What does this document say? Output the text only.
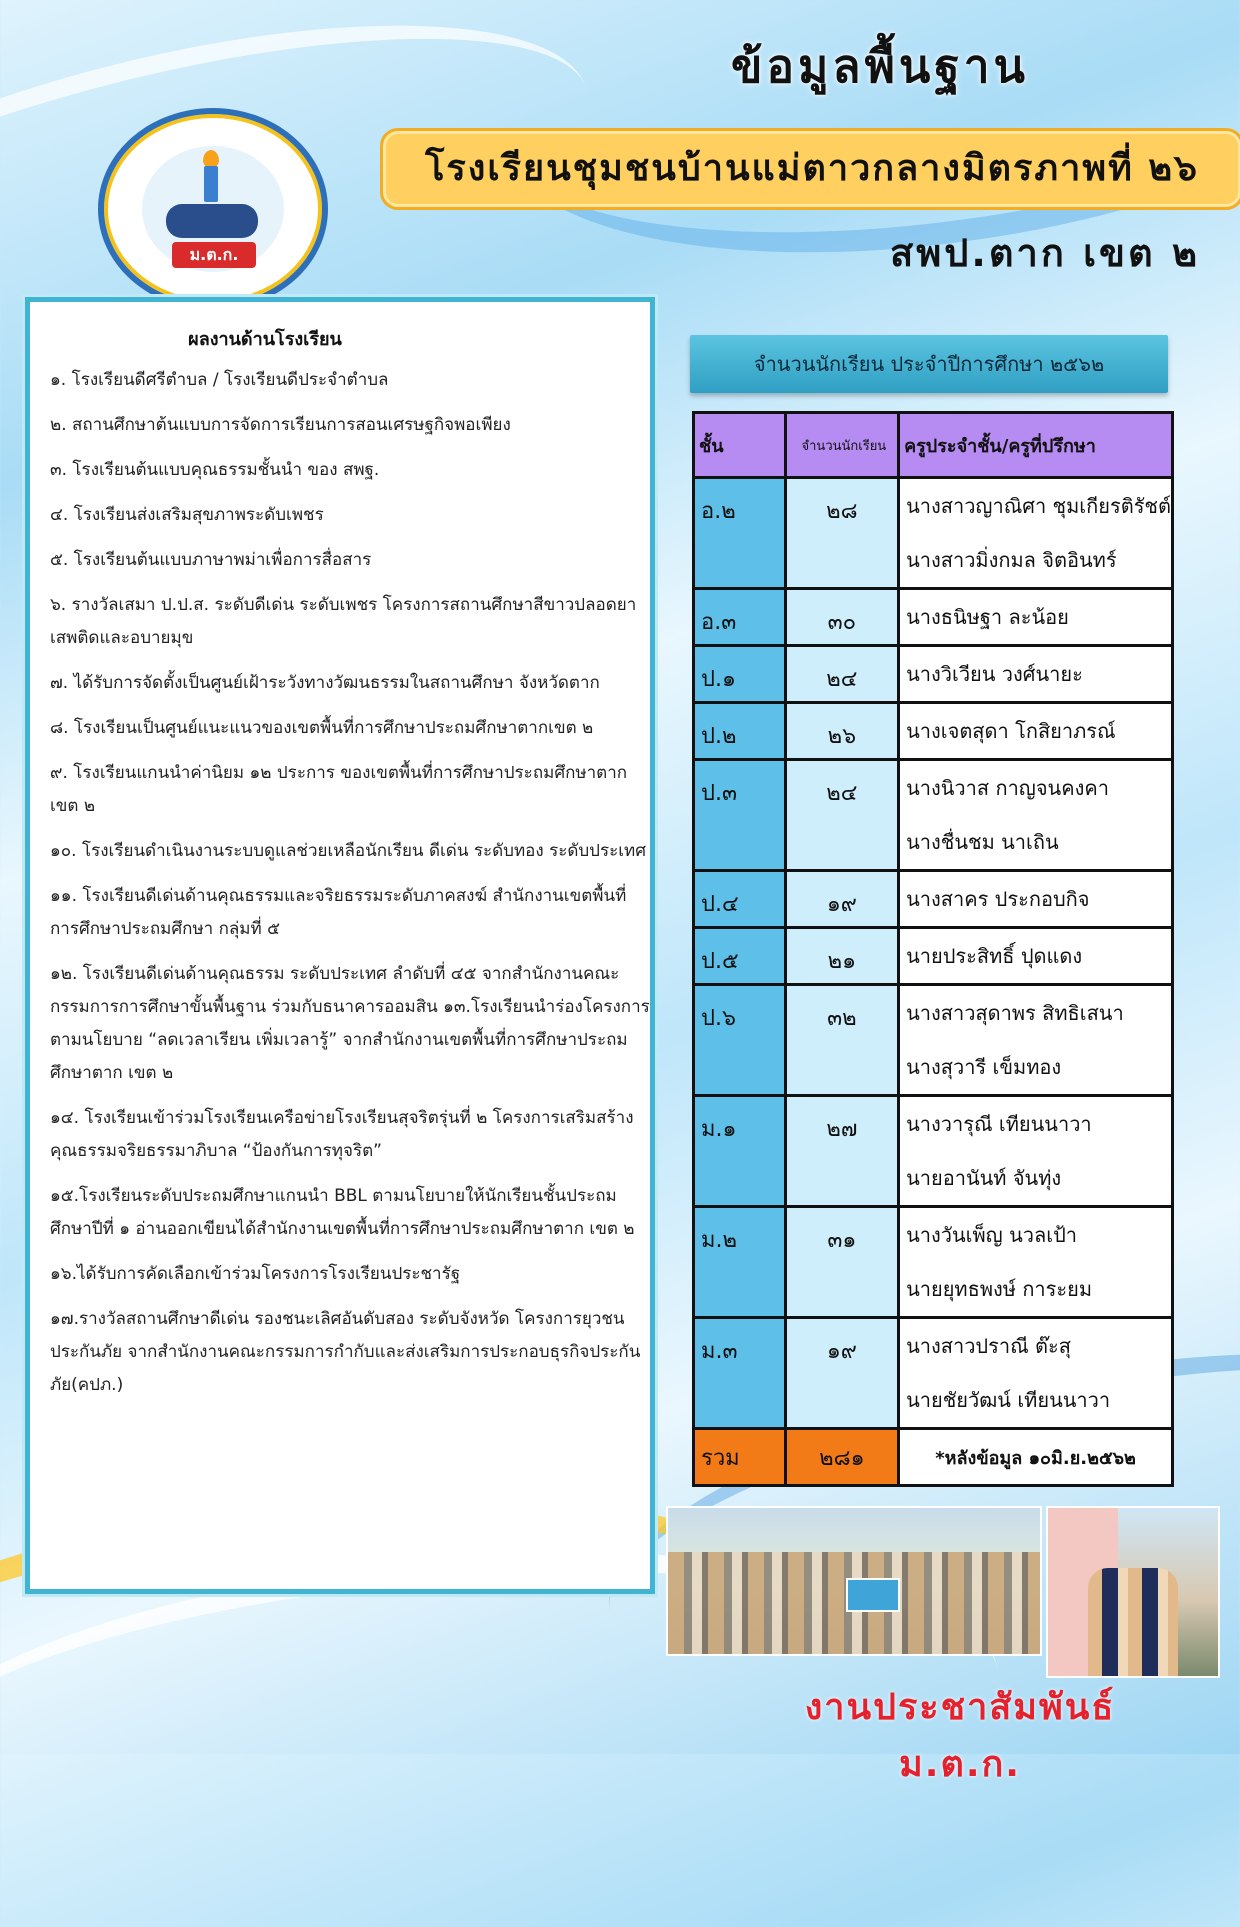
ม.ต.ก.
ข้อมูลพื้นฐาน
โรงเรียนชุมชนบ้านแม่ตาวกลางมิตรภาพที่ ๒๖
สพป.ตาก เขต ๒
ผลงานด้านโรงเรียน
๑. โรงเรียนดีศรีตำบล / โรงเรียนดีประจำตำบล
๒. สถานศึกษาต้นแบบการจัดการเรียนการสอนเศรษฐกิจพอเพียง
๓. โรงเรียนต้นแบบคุณธรรมชั้นนำ ของ สพฐ.
๔. โรงเรียนส่งเสริมสุขภาพระดับเพชร
๕. โรงเรียนต้นแบบภาษาพม่าเพื่อการสื่อสาร
๖. รางวัลเสมา ป.ป.ส. ระดับดีเด่น ระดับเพชร โครงการสถานศึกษาสีขาวปลอดยาเสพติดและอบายมุข
๗. ได้รับการจัดตั้งเป็นศูนย์เฝ้าระวังทางวัฒนธรรมในสถานศึกษา จังหวัดตาก
๘. โรงเรียนเป็นศูนย์แนะแนวของเขตพื้นที่การศึกษาประถมศึกษาตากเขต ๒
๙. โรงเรียนแกนนำค่านิยม ๑๒ ประการ ของเขตพื้นที่การศึกษาประถมศึกษาตาก เขต ๒
๑๐. โรงเรียนดำเนินงานระบบดูแลช่วยเหลือนักเรียน ดีเด่น ระดับทอง ระดับประเทศ
๑๑. โรงเรียนดีเด่นด้านคุณธรรมและจริยธรรมระดับภาคสงฆ์ สำนักงานเขตพื้นที่การศึกษาประถมศึกษา กลุ่มที่ ๕
๑๒. โรงเรียนดีเด่นด้านคุณธรรม ระดับประเทศ ลำดับที่ ๔๕ จากสำนักงานคณะกรรมการการศึกษาขั้นพื้นฐาน ร่วมกับธนาคารออมสิน ๑๓.โรงเรียนนำร่องโครงการตามนโยบาย “ลดเวลาเรียน เพิ่มเวลารู้” จากสำนักงานเขตพื้นที่การศึกษาประถมศึกษาตาก เขต ๒
๑๔. โรงเรียนเข้าร่วมโรงเรียนเครือข่ายโรงเรียนสุจริตรุ่นที่ ๒ โครงการเสริมสร้างคุณธรรมจริยธรรมาภิบาล “ป้องกันการทุจริต”
๑๕.โรงเรียนระดับประถมศึกษาแกนนำ BBL ตามนโยบายให้นักเรียนชั้นประถมศึกษาปีที่ ๑ อ่านออกเขียนได้สำนักงานเขตพื้นที่การศึกษาประถมศึกษาตาก เขต ๒
๑๖.ได้รับการคัดเลือกเข้าร่วมโครงการโรงเรียนประชารัฐ
๑๗.รางวัลสถานศึกษาดีเด่น รองชนะเลิศอันดับสอง ระดับจังหวัด โครงการยุวชนประกันภัย จากสำนักงานคณะกรรมการกำกับและส่งเสริมการประกอบธุรกิจประกันภัย(คปภ.)
จำนวนนักเรียน ประจำปีการศึกษา ๒๕๖๒
ชั้น	จำนวนนักเรียน	ครูประจำชั้น/ครูที่ปรึกษา
อ.๒	๒๘	นางสาวญาณิศา ชุมเกียรติรัชต์
นางสาวมิ่งกมล จิตอินทร์

อ.๓	๓๐	นางธนิษฐา ละน้อย

ป.๑	๒๔	นางวิเวียน วงศ์นายะ

ป.๒	๒๖	นางเจตสุดา โกสิยาภรณ์

ป.๓	๒๔	นางนิวาส กาญจนคงคา
นางชื่นชม นาเถิน

ป.๔	๑๙	นางสาคร ประกอบกิจ

ป.๕	๒๑	นายประสิทธิ์ ปุดแดง

ป.๖	๓๒	นางสาวสุดาพร สิทธิเสนา
นางสุวารี เข็มทอง

ม.๑	๒๗	นางวารุณี เทียนนาวา
นายอานันท์ จันทุ่ง

ม.๒	๓๑	นางวันเพ็ญ นวลเป้า
นายยุทธพงษ์ การะยม

ม.๓	๑๙	นางสาวปราณี ต๊ะสุ
นายชัยวัฒน์ เทียนนาวา

รวม	๒๘๑	*หลังข้อมูล ๑๐มิ.ย.๒๕๖๒
งานประชาสัมพันธ์ ม.ต.ก.
